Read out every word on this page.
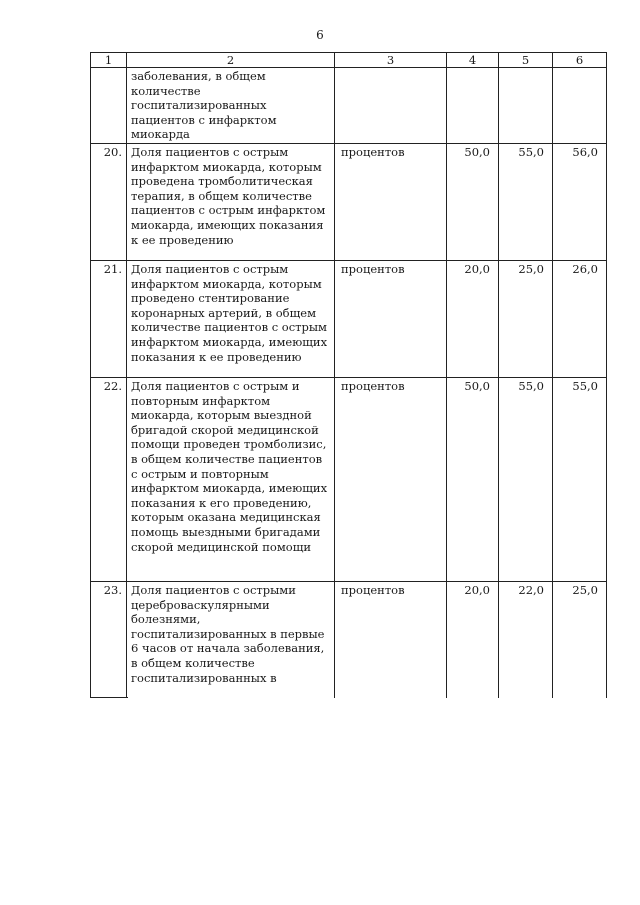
6
1	2	3	4	5	6
	заболевания, в общем количестве госпитализированных пациентов с инфарктом миокарда				
20.	Доля пациентов с острым инфарктом миокарда, которым проведена тромболитическая терапия, в общем количестве пациентов с острым инфарктом миокарда, имеющих показания к ее проведению	процентов	50,0	55,0	56,0
21.	Доля пациентов с острым инфарктом миокарда, которым проведено стентирование коронарных артерий, в общем количестве пациентов с острым инфарктом миокарда, имеющих показания к ее проведению	процентов	20,0	25,0	26,0
22.	Доля пациентов с острым и повторным инфарктом миокарда, которым выездной бригадой скорой медицинской помощи проведен тромболизис, в общем количестве пациентов с острым и повторным инфарктом миокарда, имеющих показания к его проведению, которым оказана медицинская помощь выездными бригадами скорой медицинской помощи	процентов	50,0	55,0	55,0
23.	Доля пациентов с острыми цереброваскулярными болезнями, госпитализированных в первые 6 часов от начала заболевания, в общем количестве госпитализированных в	процентов	20,0	22,0	25,0
